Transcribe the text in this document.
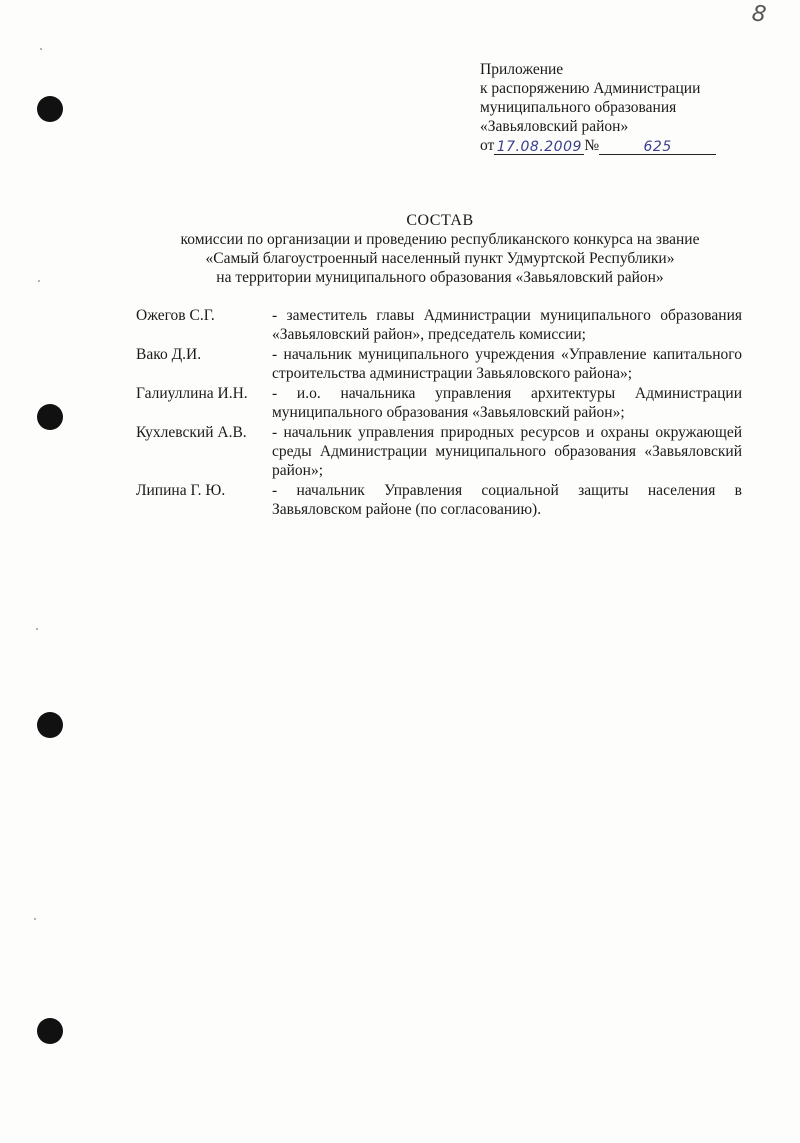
8
Приложение
к распоряжению Администрации
муниципального образования
«Завьяловский район»
от 17.08.2009 №	625
СОСТАВ
комиссии по организации и проведению республиканского конкурса на звание
«Самый благоустроенный населенный пункт Удмуртской Республики»
на территории муниципального образования «Завьяловский район»
Ожегов С.Г.	- заместитель главы Администрации муниципального образования «Завьяловский район», председатель комиссии;
Вако Д.И.	- начальник муниципального учреждения «Управление капитального строительства администрации Завьяловского района»;
Галиуллина И.Н.	- и.о. начальника управления архитектуры Администрации муниципального образования «Завьяловский район»;
Кухлевский А.В.	- начальник управления природных ресурсов и охраны окружающей среды Администрации муниципального образования «Завьяловский район»;
Липина Г. Ю.	- начальник Управления социальной защиты населения в Завьяловском районе (по согласованию).
